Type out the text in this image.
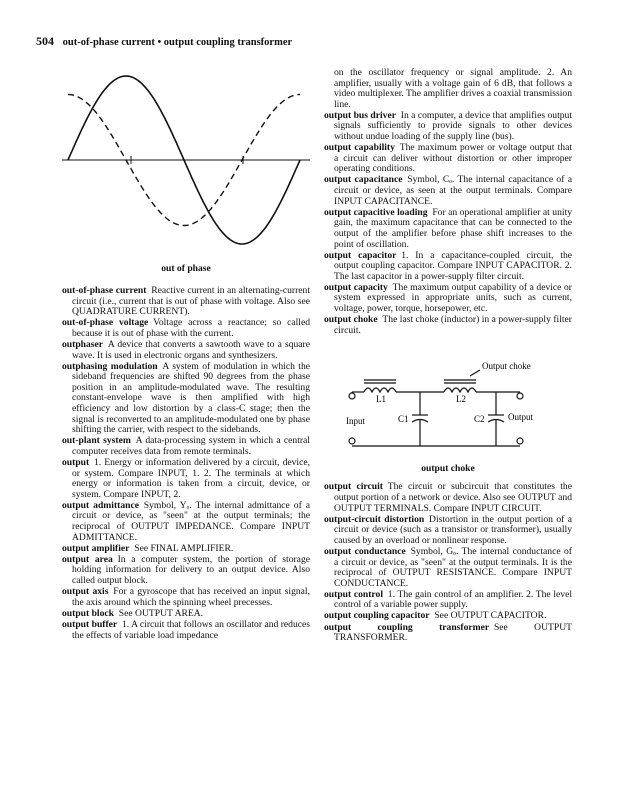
504 out-of-phase current • output coupling transformer
out of phase
out-of-phase current  Reactive current in an alternating-current circuit (i.e., current that is out of phase with voltage. Also see QUADRATURE CURRENT).
out-of-phase voltage  Voltage across a reactance; so called because it is out of phase with the current.
outphaser  A device that converts a sawtooth wave to a square wave. It is used in electronic organs and synthesizers.
outphasing modulation  A system of modulation in which the sideband frequencies are shifted 90 degrees from the phase position in an amplitude-modulated wave. The resulting constant-envelope wave is then amplified with high efficiency and low distortion by a class-C stage; then the signal is reconverted to an amplitude-modulated one by phase shifting the carrier, with respect to the sidebands.
out-plant system  A data-processing system in which a central computer receives data from remote terminals.
output  1. Energy or information delivered by a circuit, device, or system. Compare INPUT, 1. 2. The terminals at which energy or information is taken from a circuit, device, or system. Compare INPUT, 2.
output admittance  Symbol, Yₒ. The internal admittance of a circuit or device, as "seen" at the output terminals; the reciprocal of OUTPUT IMPEDANCE. Compare INPUT ADMITTANCE.
output amplifier  See FINAL AMPLIFIER.
output area  In a computer system, the portion of storage holding information for delivery to an output device. Also called output block.
output axis  For a gyroscope that has received an input signal, the axis around which the spinning wheel precesses.
output block  See OUTPUT AREA.
output buffer  1. A circuit that follows an oscillator and reduces the effects of variable load impedance
on the oscillator frequency or signal amplitude. 2. An amplifier, usually with a voltage gain of 6 dB, that follows a video multiplexer. The amplifier drives a coaxial transmission line.
output bus driver  In a computer, a device that amplifies output signals sufficiently to provide signals to other devices without undue loading of the supply line (bus).
output capability  The maximum power or voltage output that a circuit can deliver without distortion or other improper operating conditions.
output capacitance  Symbol, Cₒ. The internal capacitance of a circuit or device, as seen at the output terminals. Compare INPUT CAPACITANCE.
output capacitive loading  For an operational amplifier at unity gain, the maximum capacitance that can be connected to the output of the amplifier before phase shift increases to the point of oscillation.
output capacitor  1. In a capacitance-coupled circuit, the output coupling capacitor. Compare INPUT CAPACITOR. 2. The last capacitor in a power-supply filter circuit.
output capacity  The maximum output capability of a device or system expressed in appropriate units, such as current, voltage, power, torque, horsepower, etc.
output choke  The last choke (inductor) in a power-supply filter circuit.
L1	L2
C1	C2
Input	Output
Output choke
output choke
output circuit  The circuit or subcircuit that constitutes the output portion of a network or device. Also see OUTPUT and OUTPUT TERMINALS. Compare INPUT CIRCUIT.
output-circuit distortion  Distortion in the output portion of a circuit or device (such as a transistor or transformer), usually caused by an overload or nonlinear response.
output conductance  Symbol, Gₒ. The internal conductance of a circuit or device, as "seen" at the output terminals. It is the reciprocal of OUTPUT RESISTANCE. Compare INPUT CONDUCTANCE.
output control  1. The gain control of an amplifier. 2. The level control of a variable power supply.
output coupling capacitor  See OUTPUT CAPACITOR.
output coupling transformer  See OUTPUT TRANSFORMER.
